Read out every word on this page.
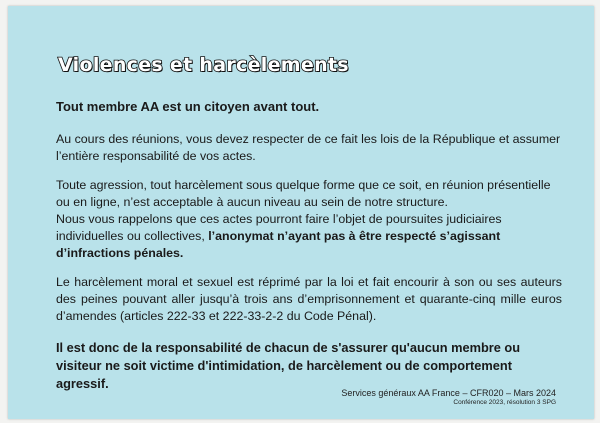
Violences et harcèlements

Tout membre AA est un citoyen avant tout.

Au cours des réunions, vous devez respecter de ce fait les lois de la République et assumer l’entière responsabilité de vos actes.

Toute agression, tout harcèlement sous quelque forme que ce soit, en réunion présentielle ou en ligne, n’est acceptable à aucun niveau au sein de notre structure.
Nous vous rappelons que ces actes pourront faire l’objet de poursuites judiciaires individuelles ou collectives, l’anonymat n’ayant pas à être respecté s’agissant d’infractions pénales.

Le harcèlement moral et sexuel est réprimé par la loi et fait encourir à son ou ses auteurs des peines pouvant aller jusqu’à trois ans d’emprisonnement et quarante-cinq mille euros d’amendes (articles 222-33 et 222-33-2-2 du Code Pénal).

Il est donc de la responsabilité de chacun de s'assurer qu'aucun membre ou visiteur ne soit victime d'intimidation, de harcèlement ou de comportement agressif.

Services généraux AA France – CFR020 – Mars 2024
Conférence 2023, résolution 3 SPG
